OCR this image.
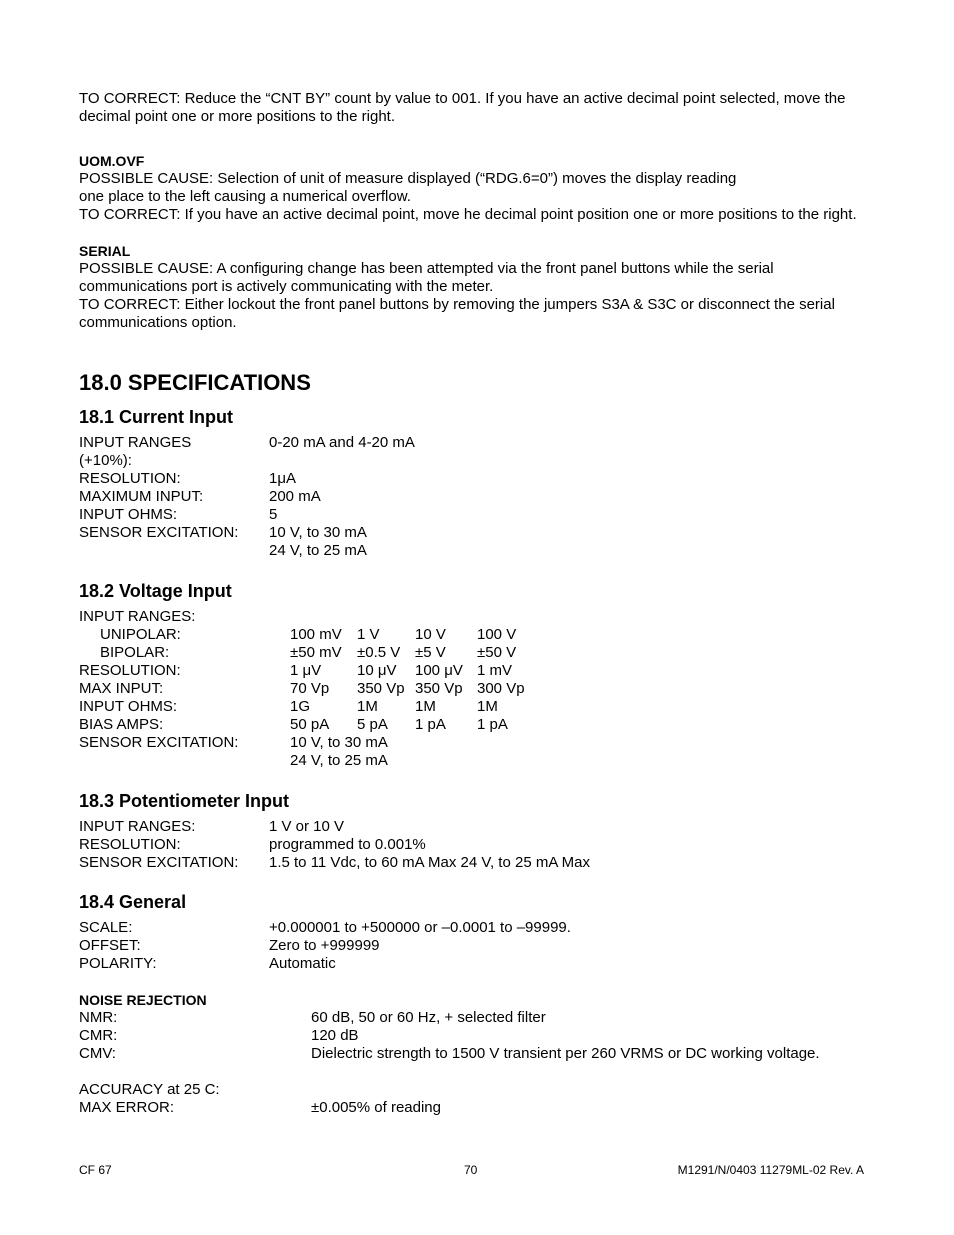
TO CORRECT: Reduce the “CNT BY” count by value to 001. If you have an active decimal point selected, move the decimal point one or more positions to the right.

UOM.OVF

POSSIBLE CAUSE: Selection of unit of measure displayed (“RDG.6=0”) moves the display reading

one place to the left causing a numerical overflow.

TO CORRECT: If you have an active decimal point, move he decimal point position one or more positions to the right.

SERIAL

POSSIBLE CAUSE: A configuring change has been attempted via the front panel buttons while the serial communications port is actively communicating with the meter.

TO CORRECT: Either lockout the front panel buttons by removing the jumpers S3A & S3C or disconnect the serial communications option.

18.0 SPECIFICATIONS
18.1 Current Input
INPUT RANGES	0-20 mA and 4-20 mA
(+10%):	
RESOLUTION:	1μA
MAXIMUM INPUT:	200 mA
INPUT OHMS:	5
SENSOR EXCITATION:	10 V, to 30 mA
	24 V, to 25 mA
18.2 Voltage Input
INPUT RANGES:				
UNIPOLAR:	100 mV	1 V	10 V	100 V
BIPOLAR:	±50 mV	±0.5 V	±5 V	±50 V
RESOLUTION:	1 μV	10 μV	100 μV	1 mV
MAX INPUT:	70 Vp	350 Vp	350 Vp	300 Vp
INPUT OHMS:	1G	1M	1M	1M
BIAS AMPS:	50 pA	5 pA	1 pA	1 pA
SENSOR EXCITATION:	10 V, to 30 mA			
	24 V, to 25 mA			
18.3 Potentiometer Input
INPUT RANGES:	1 V or 10 V
RESOLUTION:	programmed to 0.001%
SENSOR EXCITATION:	1.5 to 11 Vdc, to 60 mA Max 24 V, to 25 mA Max
18.4 General
SCALE:	+0.000001 to +500000 or –0.0001 to –99999.
OFFSET:	Zero to +999999
POLARITY:	Automatic

NOISE REJECTION

NMR:	60 dB, 50 or 60 Hz, + selected filter
CMR:	120 dB
CMV:	Dielectric strength to 1500 V transient per 260 VRMS or DC working voltage.

ACCURACY at 25 C:

MAX ERROR:	±0.005% of reading
CF 67	70	M1291/N/0403 11279ML-02 Rev. A
